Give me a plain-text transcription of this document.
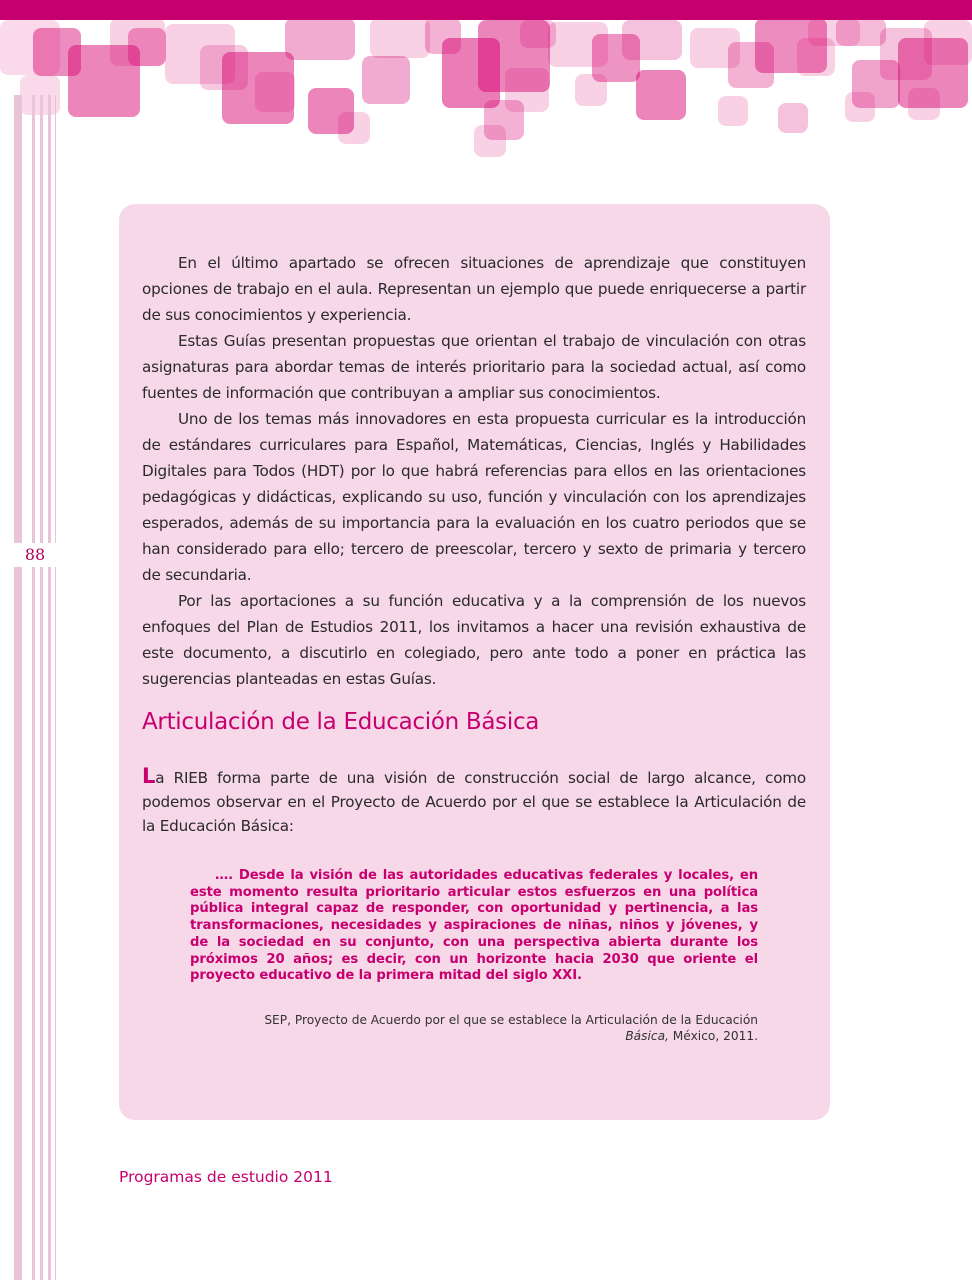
88

En el último apartado se ofrecen situaciones de aprendizaje que constituyen opciones de trabajo en el aula. Representan un ejemplo que puede enriquecerse a partir de sus conocimientos y experiencia.

Estas Guías presentan propuestas que orientan el trabajo de vinculación con otras asignaturas para abordar temas de interés prioritario para la sociedad actual, así como fuentes de información que contribuyan a ampliar sus conocimientos.

Uno de los temas más innovadores en esta propuesta curricular es la introducción de estándares curriculares para Español, Matemáticas, Ciencias, Inglés y Habilidades Digitales para Todos (HDT) por lo que habrá referencias para ellos en las orientaciones pedagógicas y didácticas, explicando su uso, función y vinculación con los aprendizajes esperados, además de su importancia para la evaluación en los cuatro periodos que se han considerado para ello; tercero de preescolar, tercero y sexto de primaria y tercero de secundaria.

Por las aportaciones a su función educativa y a la comprensión de los nuevos enfoques del Plan de Estudios 2011, los invitamos a hacer una revisión exhaustiva de este documento, a discutirlo en colegiado, pero ante todo a poner en práctica las sugerencias planteadas en estas Guías.

Articulación de la Educación Básica

La RIEB forma parte de una visión de construcción social de largo alcance, como podemos observar en el Proyecto de Acuerdo por el que se establece la Articulación de la Educación Básica:

…. Desde la visión de las autoridades educativas federales y locales, en este momento resulta prioritario articular estos esfuerzos en una política pública integral capaz de responder, con oportunidad y pertinencia, a las transformaciones, necesidades y aspiraciones de niñas, niños y jóvenes, y de la sociedad en su conjunto, con una perspectiva abierta durante los próximos 20 años; es decir, con un horizonte hacia 2030 que oriente el proyecto educativo de la primera mitad del siglo XXI.

SEP, Proyecto de Acuerdo por el que se establece la Articulación de la Educación
Básica, México, 2011.

Programas de estudio 2011
